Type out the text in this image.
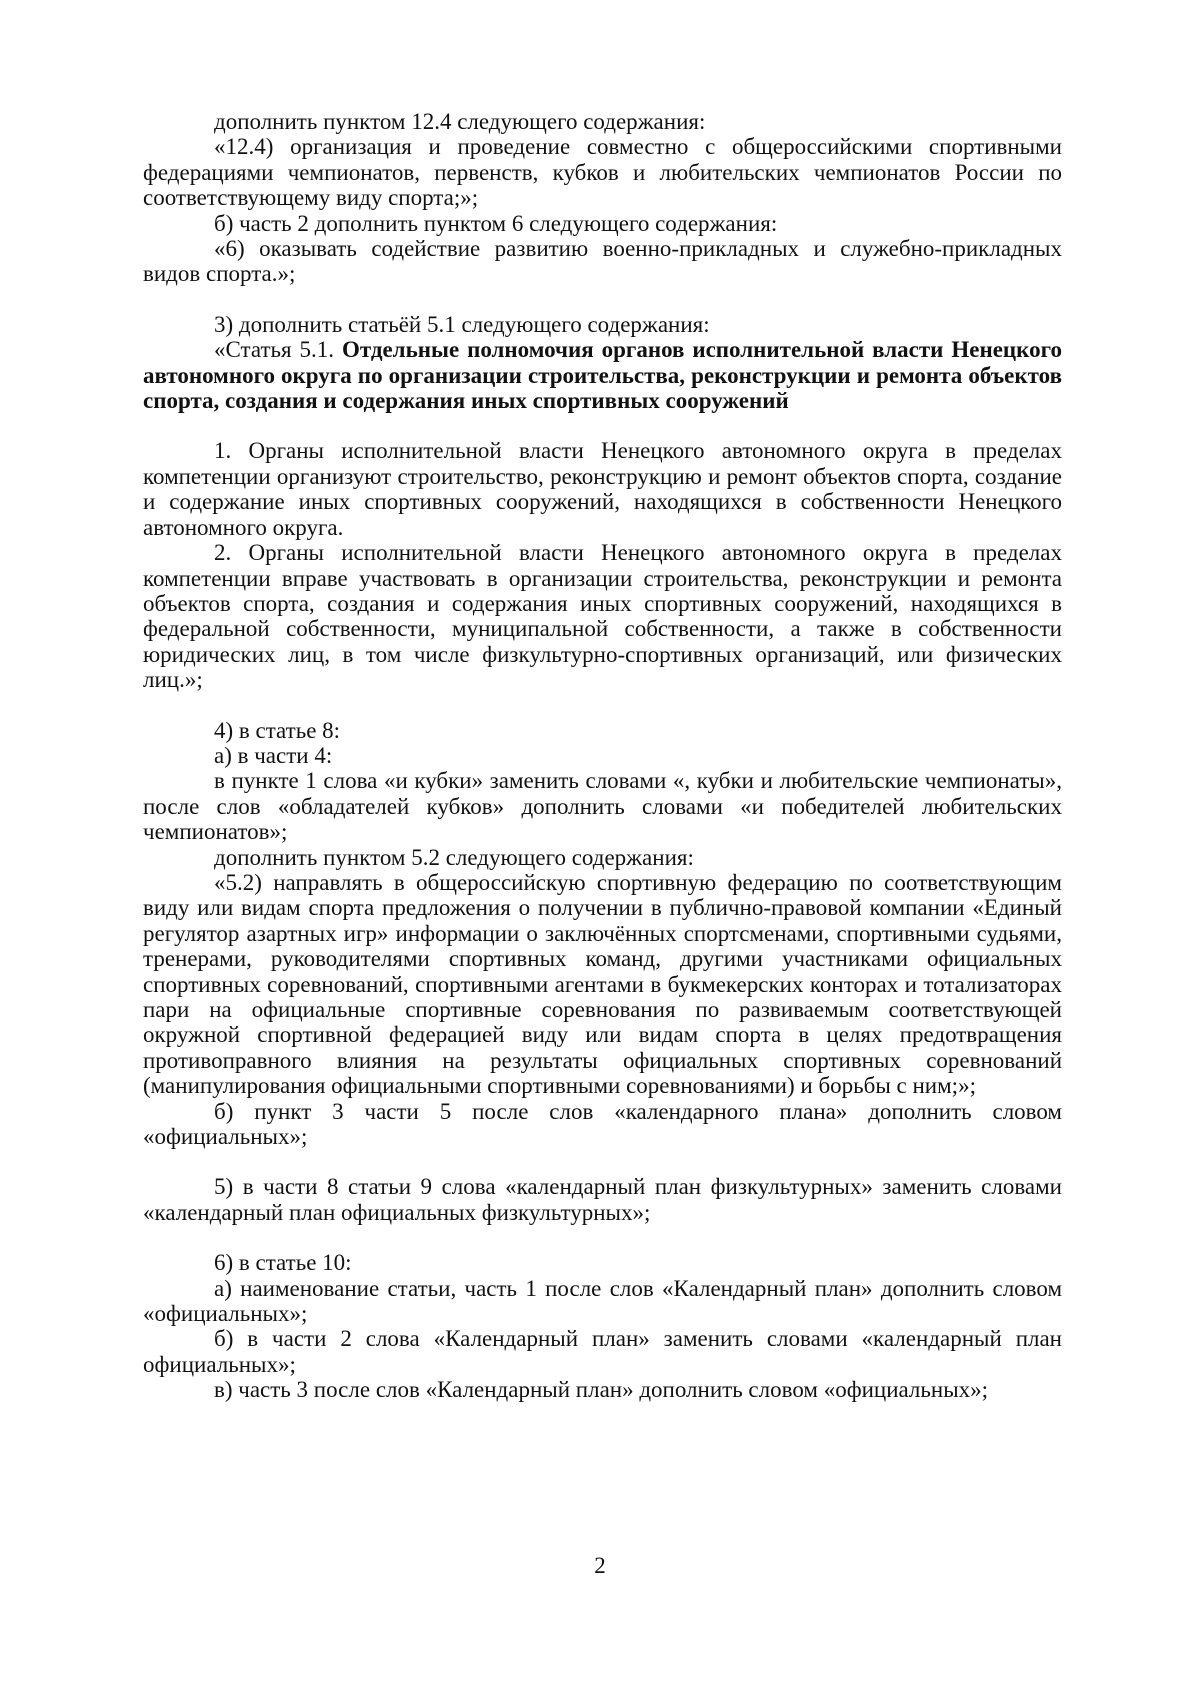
дополнить пунктом 12.4 следующего содержания:

«12.4) организация и проведение совместно с общероссийскими спортивными федерациями чемпионатов, первенств, кубков и любительских чемпионатов России по соответствующему виду спорта;»;

б) часть 2 дополнить пунктом 6 следующего содержания:

«6) оказывать содействие развитию военно-прикладных и служебно-прикладных видов спорта.»;

3) дополнить статьёй 5.1 следующего содержания:

«Статья 5.1. Отдельные полномочия органов исполнительной власти Ненецкого автономного округа по организации строительства, реконструкции и ремонта объектов спорта, создания и содержания иных спортивных сооружений

1. Органы исполнительной власти Ненецкого автономного округа в пределах компетенции организуют строительство, реконструкцию и ремонт объектов спорта, создание и содержание иных спортивных сооружений, находящихся в собственности Ненецкого автономного округа.

2. Органы исполнительной власти Ненецкого автономного округа в пределах компетенции вправе участвовать в организации строительства, реконструкции и ремонта объектов спорта, создания и содержания иных спортивных сооружений, находящихся в федеральной собственности, муниципальной собственности, а также в собственности юридических лиц, в том числе физкультурно-спортивных организаций, или физических лиц.»;

4) в статье 8:

а) в части 4:

в пункте 1 слова «и кубки» заменить словами «, кубки и любительские чемпионаты», после слов «обладателей кубков» дополнить словами «и победителей любительских чемпионатов»;

дополнить пунктом 5.2 следующего содержания:

«5.2) направлять в общероссийскую спортивную федерацию по соответствующим виду или видам спорта предложения о получении в публично-правовой компании «Единый регулятор азартных игр» информации о заключённых спортсменами, спортивными судьями, тренерами, руководителями спортивных команд, другими участниками официальных спортивных соревнований, спортивными агентами в букмекерских конторах и тотализаторах пари на официальные спортивные соревнования по развиваемым соответствующей окружной спортивной федерацией виду или видам спорта в целях предотвращения противоправного влияния на результаты официальных спортивных соревнований (манипулирования официальными спортивными соревнованиями) и борьбы с ним;»;

б) пункт 3 части 5 после слов «календарного плана» дополнить словом «официальных»;

5) в части 8 статьи 9 слова «календарный план физкультурных» заменить словами «календарный план официальных физкультурных»;

6) в статье 10:

а) наименование статьи, часть 1 после слов «Календарный план» дополнить словом «официальных»;

б) в части 2 слова «Календарный план» заменить словами «календарный план официальных»;

в) часть 3 после слов «Календарный план» дополнить словом «официальных»;

2
